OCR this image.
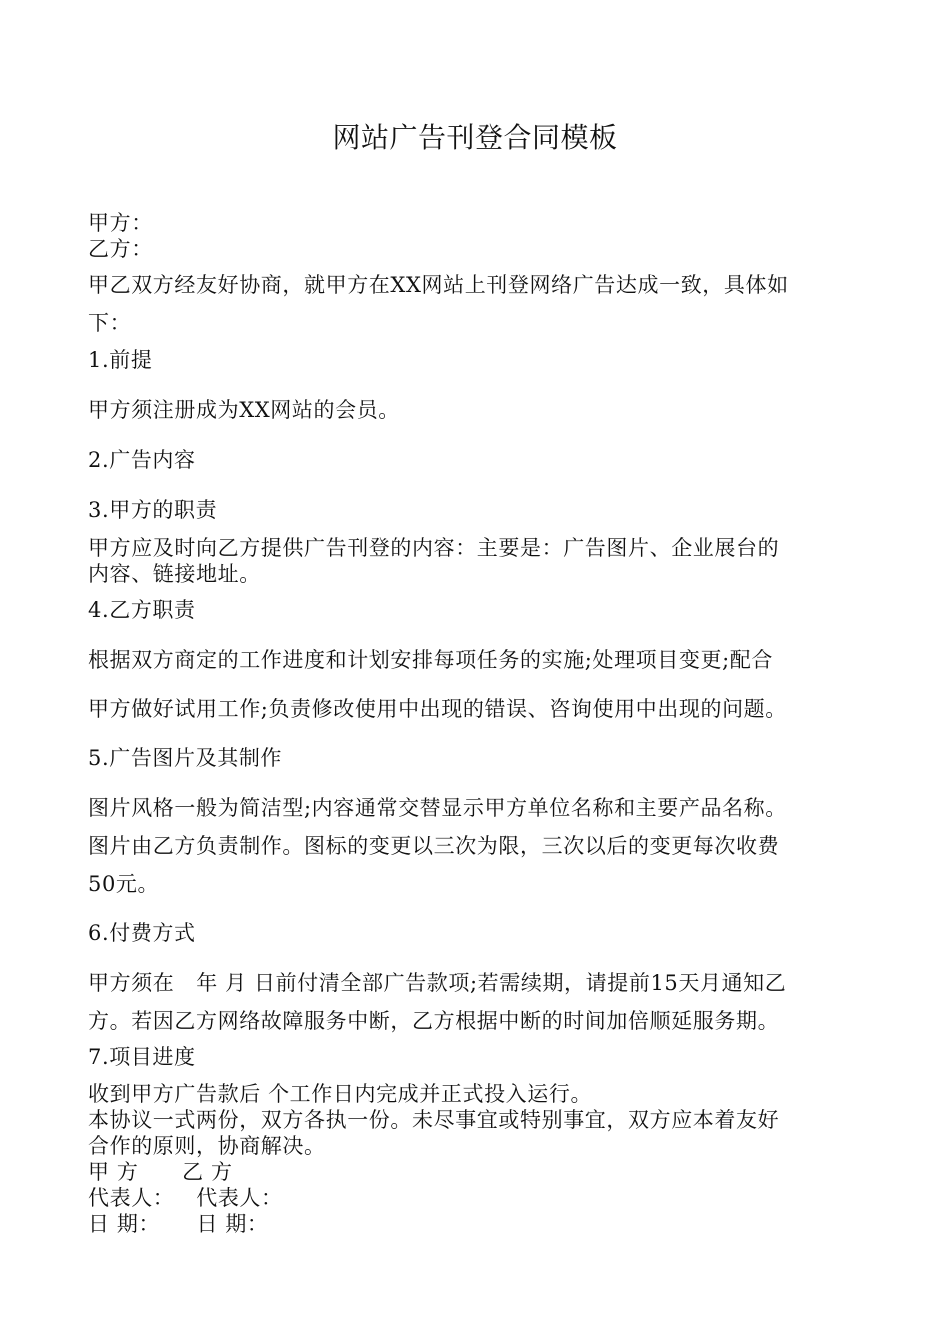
网站广告刊登合同模板
甲方：
乙方：
甲乙双方经友好协商，就甲方在XX网站上刊登网络广告达成一致，具体如
下：
1.前提
甲方须注册成为XX网站的会员。
2.广告内容
3.甲方的职责
甲方应及时向乙方提供广告刊登的内容：主要是：广告图片、企业展台的
内容、链接地址。
4.乙方职责
根据双方商定的工作进度和计划安排每项任务的实施;处理项目变更;配合
甲方做好试用工作;负责修改使用中出现的错误、咨询使用中出现的问题。
5.广告图片及其制作
图片风格一般为简洁型;内容通常交替显示甲方单位名称和主要产品名称。
图片由乙方负责制作。图标的变更以三次为限，三次以后的变更每次收费
50元。
6.付费方式
甲方须在   年 月 日前付清全部广告款项;若需续期，请提前15天月通知乙
方。若因乙方网络故障服务中断，乙方根据中断的时间加倍顺延服务期。
7.项目进度
收到甲方广告款后 个工作日内完成并正式投入运行。
本协议一式两份，双方各执一份。未尽事宜或特别事宜，双方应本着友好
合作的原则，协商解决。
甲 方      乙 方
代表人：   代表人：
日 期：     日 期：
